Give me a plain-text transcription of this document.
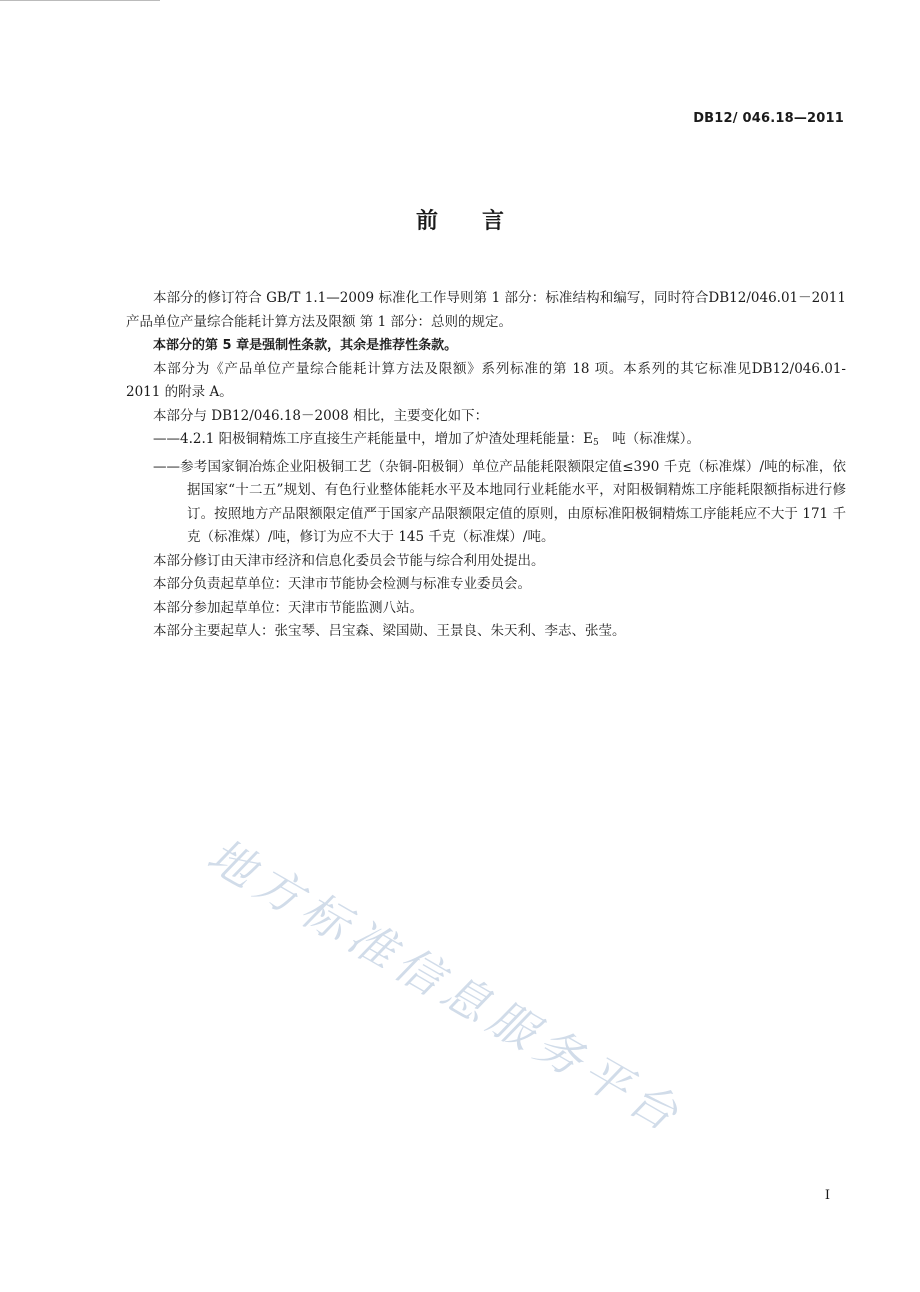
DB12/ 046.18—2011
前 言

本部分的修订符合 GB/T 1.1—2009 标准化工作导则第 1 部分：标准结构和编写，同时符合DB12/046.01－2011 产品单位产量综合能耗计算方法及限额 第 1 部分：总则的规定。

本部分的第 5 章是强制性条款，其余是推荐性条款。

本部分为《产品单位产量综合能耗计算方法及限额》系列标准的第 18 项。本系列的其它标准见DB12/046.01-2011 的附录 A。

本部分与 DB12/046.18－2008 相比，主要变化如下：

——4.2.1 阳极铜精炼工序直接生产耗能量中，增加了炉渣处理耗能量：$E_5$　吨（标准煤）。

——参考国家铜冶炼企业阳极铜工艺（杂铜-阳极铜）单位产品能耗限额限定值≤390 千克（标准煤）/吨的标准，依据国家“十二五”规划、有色行业整体能耗水平及本地同行业耗能水平，对阳极铜精炼工序能耗限额指标进行修订。按照地方产品限额限定值严于国家产品限额限定值的原则，由原标准阳极铜精炼工序能耗应不大于 171 千克（标准煤）/吨，修订为应不大于 145 千克（标准煤）/吨。

本部分修订由天津市经济和信息化委员会节能与综合利用处提出。

本部分负责起草单位：天津市节能协会检测与标准专业委员会。

本部分参加起草单位：天津市节能监测八站。

本部分主要起草人：张宝琴、吕宝森、梁国勋、王景良、朱天利、李志、张莹。

地方标准信息服务平台
I
